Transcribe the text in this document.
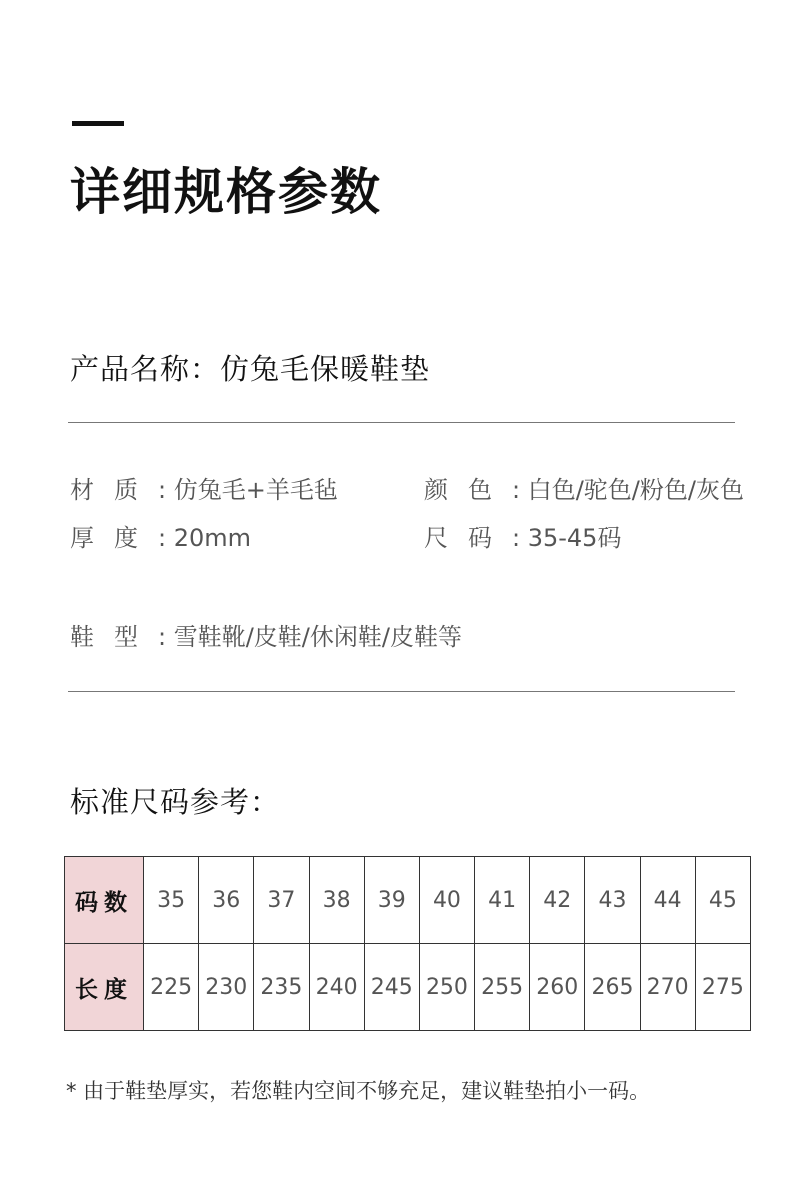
详细规格参数
产品名称：仿兔毛保暖鞋垫
材质: 仿兔毛+羊毛毡	颜色: 白色/驼色/粉色/灰色
厚度: 20mm	尺码: 35-45码
鞋型: 雪鞋靴/皮鞋/休闲鞋/皮鞋等
标准尺码参考：
码数	35	36	37	38	39	40	41	42	43	44	45
长度	225	230	235	240	245	250	255	260	265	270	275
* 由于鞋垫厚实，若您鞋内空间不够充足，建议鞋垫拍小一码。
